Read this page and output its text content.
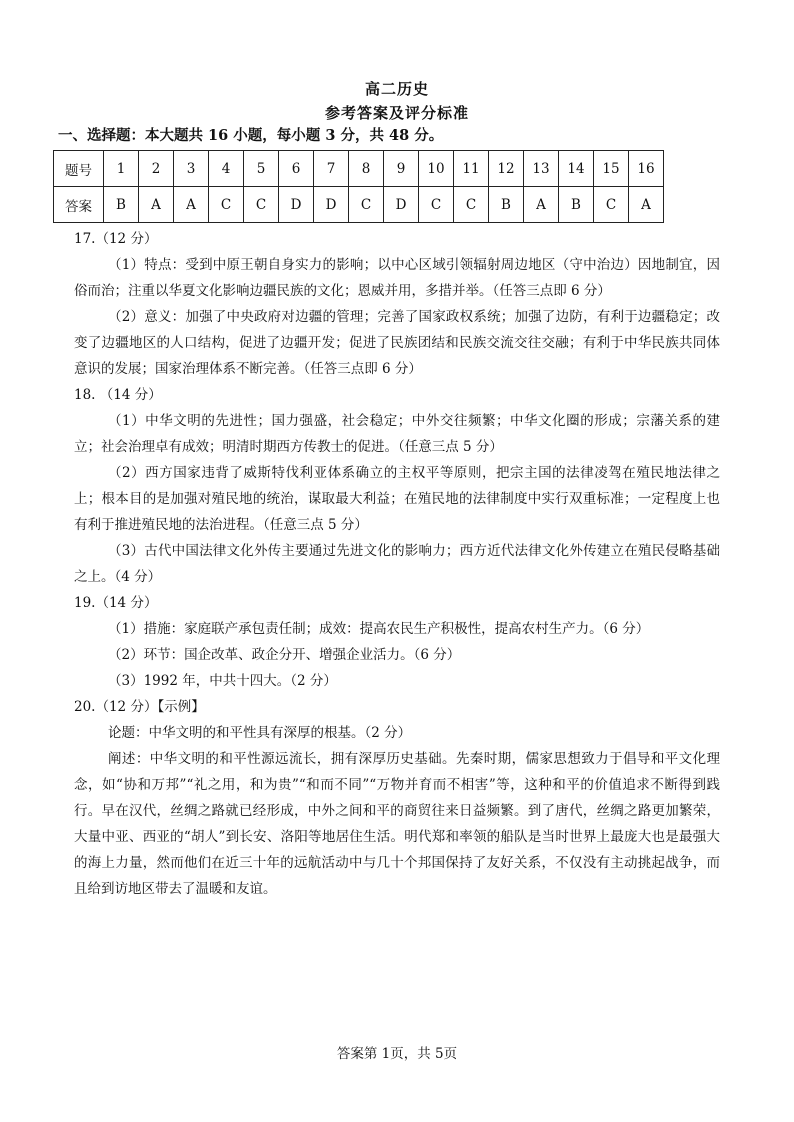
高二历史
参考答案及评分标准
一、选择题：本大题共 16 小题，每小题 3 分，共 48 分。
题号	1	2	3	4	5	6	7	8	9	10	11	12	13	14	15	16
答案	B	A	A	C	C	D	D	C	D	C	C	B	A	B	C	A

17.（12 分）

（1）特点：受到中原王朝自身实力的影响；以中心区域引领辐射周边地区（守中治边）因地制宜，因俗而治；注重以华夏文化影响边疆民族的文化；恩威并用，多措并举。（任答三点即 6 分）

（2）意义：加强了中央政府对边疆的管理；完善了国家政权系统；加强了边防，有利于边疆稳定；改变了边疆地区的人口结构，促进了边疆开发；促进了民族团结和民族交流交往交融；有利于中华民族共同体意识的发展；国家治理体系不断完善。（任答三点即 6 分）

18. （14 分）

（1）中华文明的先进性；国力强盛，社会稳定；中外交往频繁；中华文化圈的形成；宗藩关系的建立；社会治理卓有成效；明清时期西方传教士的促进。（任意三点 5 分）

（2）西方国家违背了威斯特伐利亚体系确立的主权平等原则，把宗主国的法律凌驾在殖民地法律之上；根本目的是加强对殖民地的统治，谋取最大利益；在殖民地的法律制度中实行双重标准；一定程度上也有利于推进殖民地的法治进程。（任意三点 5 分）

（3）古代中国法律文化外传主要通过先进文化的影响力；西方近代法律文化外传建立在殖民侵略基础之上。（4 分）

19.（14 分）

（1）措施：家庭联产承包责任制；成效：提高农民生产积极性，提高农村生产力。（6 分）

（2）环节：国企改革、政企分开、增强企业活力。（6 分）

（3）1992 年，中共十四大。（2 分）

20.（12 分）【示例】

论题：中华文明的和平性具有深厚的根基。（2 分）

阐述：中华文明的和平性源远流长，拥有深厚历史基础。先秦时期，儒家思想致力于倡导和平文化理念，如“协和万邦”“礼之用，和为贵”“和而不同”“万物并育而不相害”等，这种和平的价值追求不断得到践行。早在汉代，丝绸之路就已经形成，中外之间和平的商贸往来日益频繁。到了唐代，丝绸之路更加繁荣，大量中亚、西亚的“胡人”到长安、洛阳等地居住生活。明代郑和率领的船队是当时世界上最庞大也是最强大的海上力量，然而他们在近三十年的远航活动中与几十个邦国保持了友好关系，不仅没有主动挑起战争，而且给到访地区带去了温暖和友谊。

答案第 1页，共 5页
